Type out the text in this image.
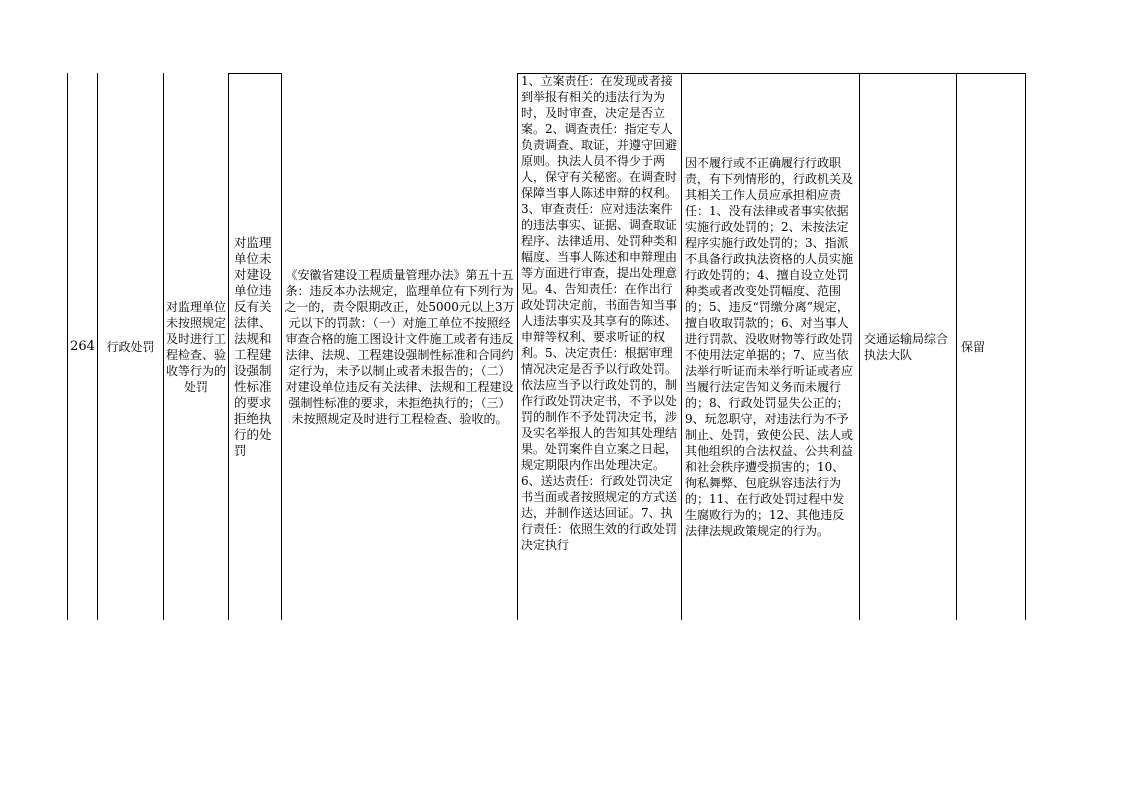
264 行政处罚
对监理单位未按照规定及时进行工程检查、验收等行为的处罚
对监理单位未对建设单位违反有关法律、法规和工程建设强制性标准的要求拒绝执行的处罚
《安徽省建设工程质量管理办法》第五十五条：违反本办法规定，监理单位有下列行为之一的，责令限期改正，处5000元以上3万元以下的罚款：（一）对施工单位不按照经审查合格的施工图设计文件施工或者有违反法律、法规、工程建设强制性标准和合同约定行为，未予以制止或者未报告的；（二）对建设单位违反有关法律、法规和工程建设强制性标准的要求，未拒绝执行的；（三）未按照规定及时进行工程检查、验收的。
1、立案责任：在发现或者接到举报有相关的违法行为为时，及时审查，决定是否立案。2、调查责任：指定专人负责调查、取证，并遵守回避原则。执法人员不得少于两人，保守有关秘密。在调查时保障当事人陈述申辩的权利。3、审查责任：应对违法案件的违法事实、证据、调查取证程序、法律适用、处罚种类和幅度、当事人陈述和申辩理由等方面进行审查，提出处理意见。4、告知责任：在作出行政处罚决定前，书面告知当事人违法事实及其享有的陈述、申辩等权利、要求听证的权利。5、决定责任：根据审理情况决定是否予以行政处罚。依法应当予以行政处罚的，制作行政处罚决定书，不予以处罚的制作不予处罚决定书，涉及实名举报人的告知其处理结果。处罚案件自立案之日起，规定期限内作出处理决定。6、送达责任：行政处罚决定书当面或者按照规定的方式送达，并制作送达回证。7、执行责任：依照生效的行政处罚决定执行
因不履行或不正确履行行政职责，有下列情形的，行政机关及其相关工作人员应承担相应责任：1、没有法律或者事实依据实施行政处罚的；2、未按法定程序实施行政处罚的；3、指派不具备行政执法资格的人员实施行政处罚的；4、擅自设立处罚种类或者改变处罚幅度、范围的；5、违反“罚缴分离”规定，擅自收取罚款的；6、对当事人进行罚款、没收财物等行政处罚不使用法定单据的；7、应当依法举行听证而未举行听证或者应当履行法定告知义务而未履行的；8、行政处罚显失公正的；9、玩忽职守，对违法行为不予制止、处罚，致使公民、法人或其他组织的合法权益、公共利益和社会秩序遭受损害的；10、徇私舞弊、包庇纵容违法行为的；11、在行政处罚过程中发生腐败行为的；12、其他违反法律法规政策规定的行为。
交通运输局综合执法大队
保留
